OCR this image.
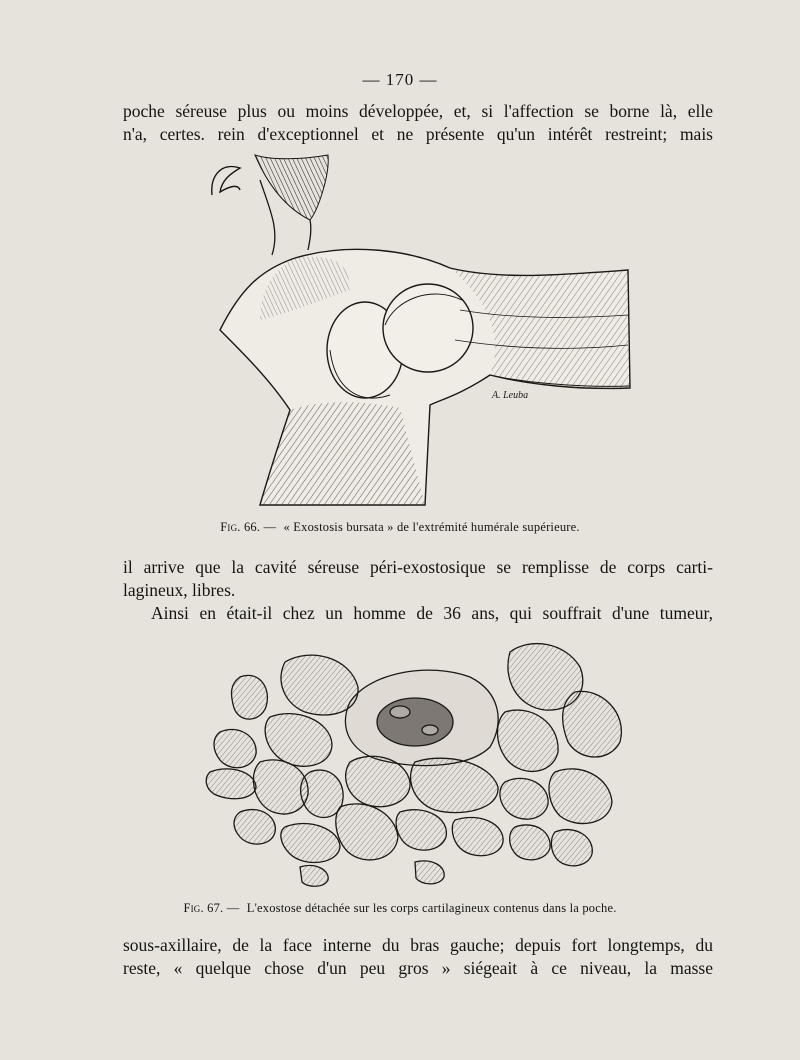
— 170 —

poche séreuse plus ou moins développée, et, si l'affection se borne là, elle
n'a, certes. rein d'exceptionnel et ne présente qu'un intérêt restreint; mais

A. Leuba
Fig. 66. — « Exostosis bursata » de l'extrémité humérale supérieure.

il arrive que la cavité séreuse péri-exostosique se remplisse de corps carti-
lagineux, libres.
Ainsi en était-il chez un homme de 36 ans, qui souffrait d'une tumeur,

Fig. 67. — L'exostose détachée sur les corps cartilagineux contenus dans la poche.

sous-axillaire, de la face interne du bras gauche; depuis fort longtemps, du
reste, « quelque chose d'un peu gros » siégeait à ce niveau, la masse
